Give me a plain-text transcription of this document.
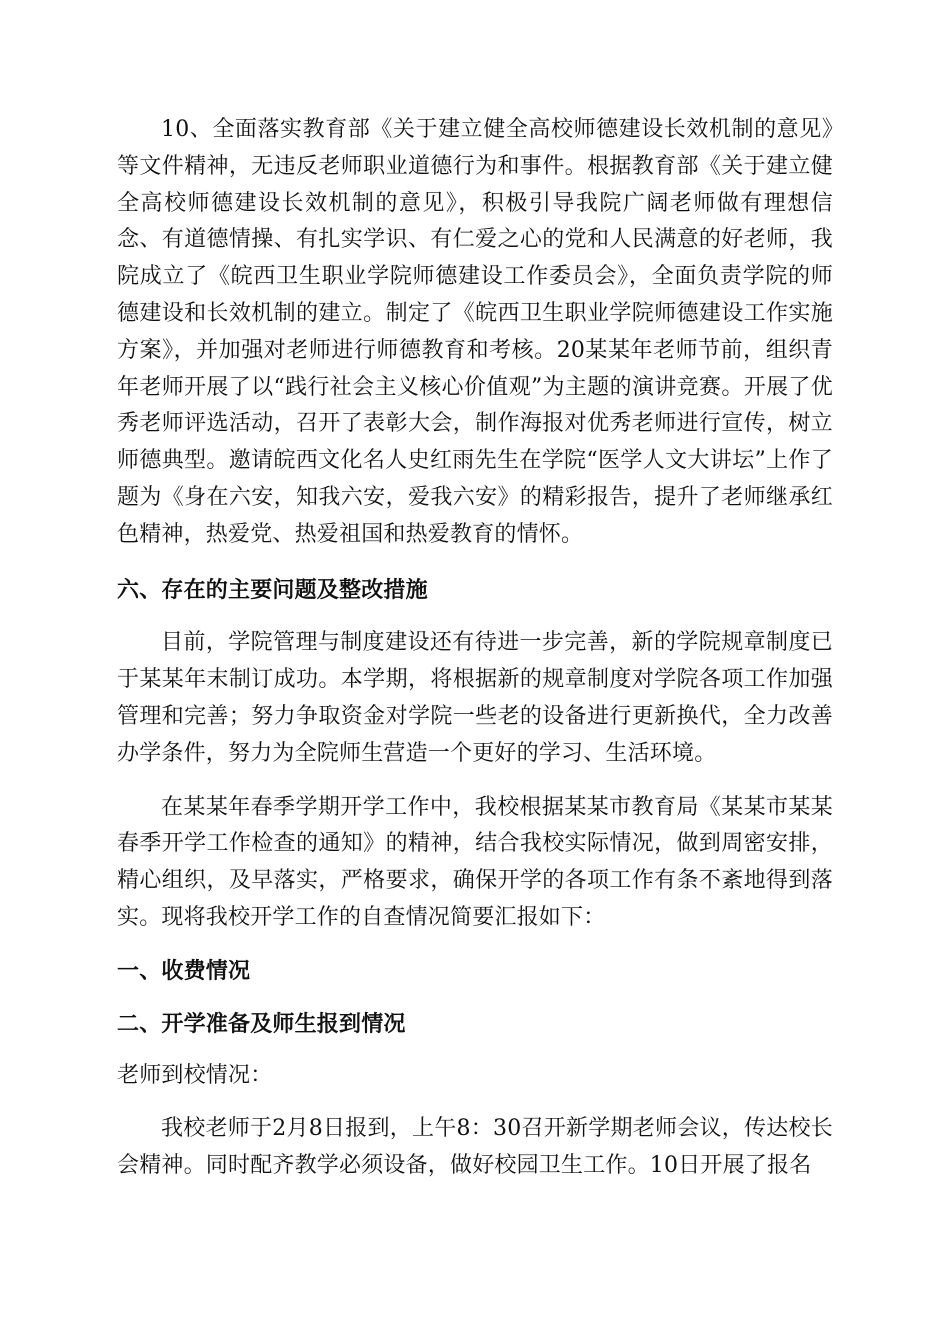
10、全面落实教育部《关于建立健全高校师德建设长效机制的意见》等文件精神，无违反老师职业道德行为和事件。根据教育部《关于建立健全高校师德建设长效机制的意见》，积极引导我院广阔老师做有理想信念、有道德情操、有扎实学识、有仁爱之心的党和人民满意的好老师，我院成立了《皖西卫生职业学院师德建设工作委员会》，全面负责学院的师德建设和长效机制的建立。制定了《皖西卫生职业学院师德建设工作实施方案》，并加强对老师进行师德教育和考核。20某某年老师节前，组织青年老师开展了以“践行社会主义核心价值观”为主题的演讲竞赛。开展了优秀老师评选活动，召开了表彰大会，制作海报对优秀老师进行宣传，树立师德典型。邀请皖西文化名人史红雨先生在学院“医学人文大讲坛”上作了题为《身在六安，知我六安，爱我六安》的精彩报告，提升了老师继承红色精神，热爱党、热爱祖国和热爱教育的情怀。

六、存在的主要问题及整改措施

目前，学院管理与制度建设还有待进一步完善，新的学院规章制度已于某某年末制订成功。本学期，将根据新的规章制度对学院各项工作加强管理和完善；努力争取资金对学院一些老的设备进行更新换代，全力改善办学条件，努力为全院师生营造一个更好的学习、生活环境。

在某某年春季学期开学工作中，我校根据某某市教育局《某某市某某春季开学工作检查的通知》的精神，结合我校实际情况，做到周密安排，精心组织，及早落实，严格要求，确保开学的各项工作有条不紊地得到落实。现将我校开学工作的自查情况简要汇报如下：

一、收费情况

二、开学准备及师生报到情况

老师到校情况：

我校老师于2月8日报到，上午8：30召开新学期老师会议，传达校长会精神。同时配齐教学必须设备，做好校园卫生工作。10日开展了报名
